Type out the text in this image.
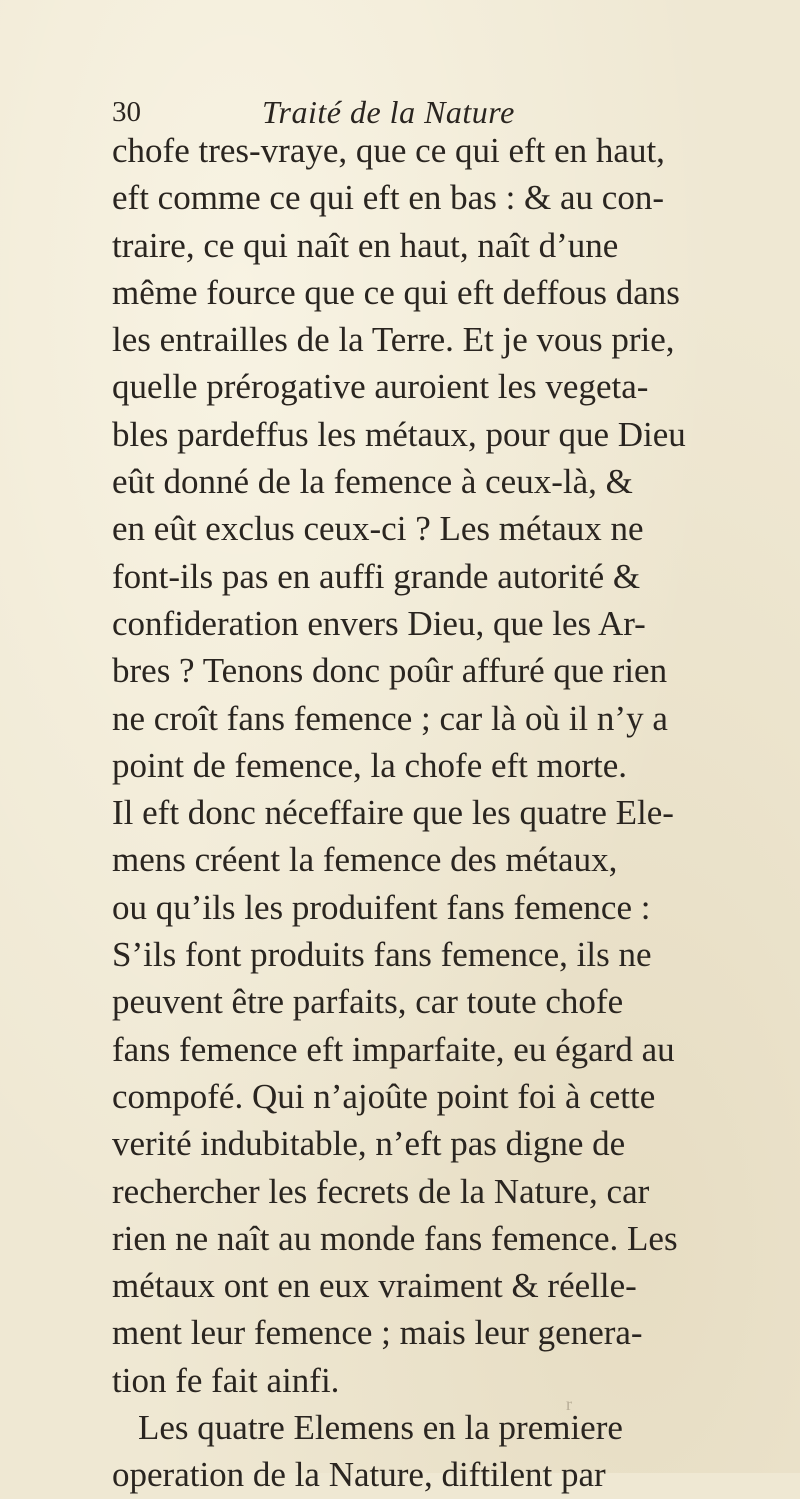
30	Traité de la Nature
chofe tres-vraye, que ce qui eft en haut,
eft comme ce qui eft en bas : & au con-
traire, ce qui naît en haut, naît d’une
même fource que ce qui eft deffous dans
les entrailles de la Terre. Et je vous prie,
quelle prérogative auroient les vegeta-
bles pardeffus les métaux, pour que Dieu
eût donné de la femence à ceux-là, &
en eût exclus ceux-ci ? Les métaux ne
font-ils pas en auffi grande autorité &
confideration envers Dieu, que les Ar-
bres ? Tenons donc poûr affuré que rien
ne croît fans femence ; car là où il n’y a
point de femence, la chofe eft morte.
Il eft donc néceffaire que les quatre Ele-
mens créent la femence des métaux,
ou qu’ils les produifent fans femence :
S’ils font produits fans femence, ils ne
peuvent être parfaits, car toute chofe
fans femence eft imparfaite, eu égard au
compofé. Qui n’ajoûte point foi à cette
verité indubitable, n’eft pas digne de
rechercher les fecrets de la Nature, car
rien ne naît au monde fans femence. Les
métaux ont en eux vraiment & réelle-
ment leur femence ; mais leur genera-
tion fe fait ainfi.
Les quatre Elemens en la premiere
operation de la Nature, diftilent par
r
